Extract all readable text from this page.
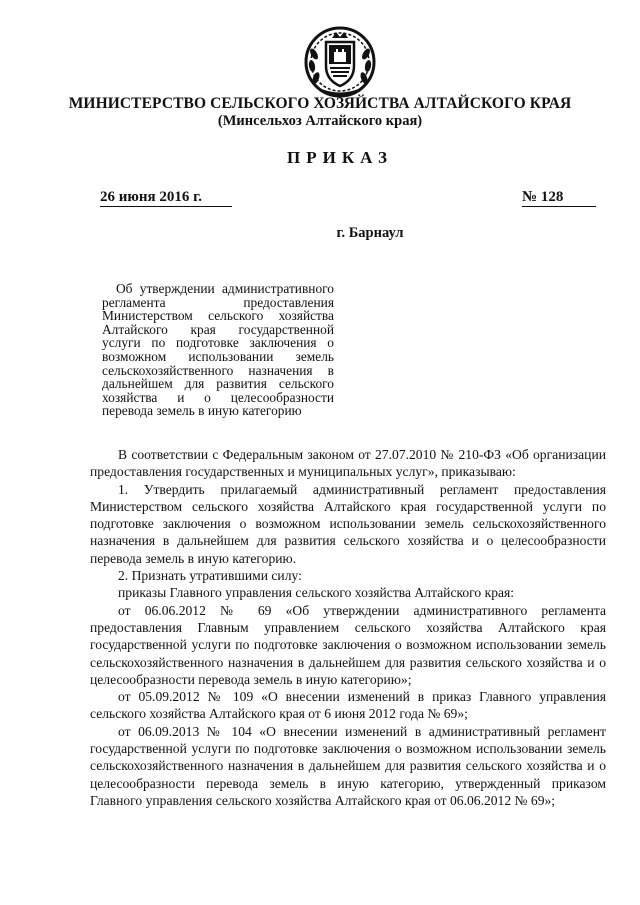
МИНИСТЕРСТВО СЕЛЬСКОГО ХОЗЯЙСТВА АЛТАЙСКОГО КРАЯ
(Минсельхоз Алтайского края)
ПРИКАЗ
26 июня 2016 г.	№ 128
г. Барнаул
Об утверждении административного регламента предоставления Министерством сельского хозяйства Алтайского края государственной услуги по подготовке заключения о возможном использовании земель сельскохозяйственного назначения в дальнейшем для развития сельского хозяйства и о целесообразности перевода земель в иную категорию

В соответствии с Федеральным законом от 27.07.2010 № 210-ФЗ «Об организации предоставления государственных и муниципальных услуг», приказываю:

1. Утвердить прилагаемый административный регламент предоставления Министерством сельского хозяйства Алтайского края государственной услуги по подготовке заключения о возможном использовании земель сельскохозяйственного назначения в дальнейшем для развития сельского хозяйства и о целесообразности перевода земель в иную категорию.

2. Признать утратившими силу:

приказы Главного управления сельского хозяйства Алтайского края:

от 06.06.2012 № 69 «Об утверждении административного регламента предоставления Главным управлением сельского хозяйства Алтайского края государственной услуги по подготовке заключения о возможном использовании земель сельскохозяйственного назначения в дальнейшем для развития сельского хозяйства и о целесообразности перевода земель в иную категорию»;

от 05.09.2012 № 109 «О внесении изменений в приказ Главного управления сельского хозяйства Алтайского края от 6 июня 2012 года № 69»;

от 06.09.2013 № 104 «О внесении изменений в административный регламент государственной услуги по подготовке заключения о возможном использовании земель сельскохозяйственного назначения в дальнейшем для развития сельского хозяйства и о целесообразности перевода земель в иную категорию, утвержденный приказом Главного управления сельского хозяйства Алтайского края от 06.06.2012 № 69»;
